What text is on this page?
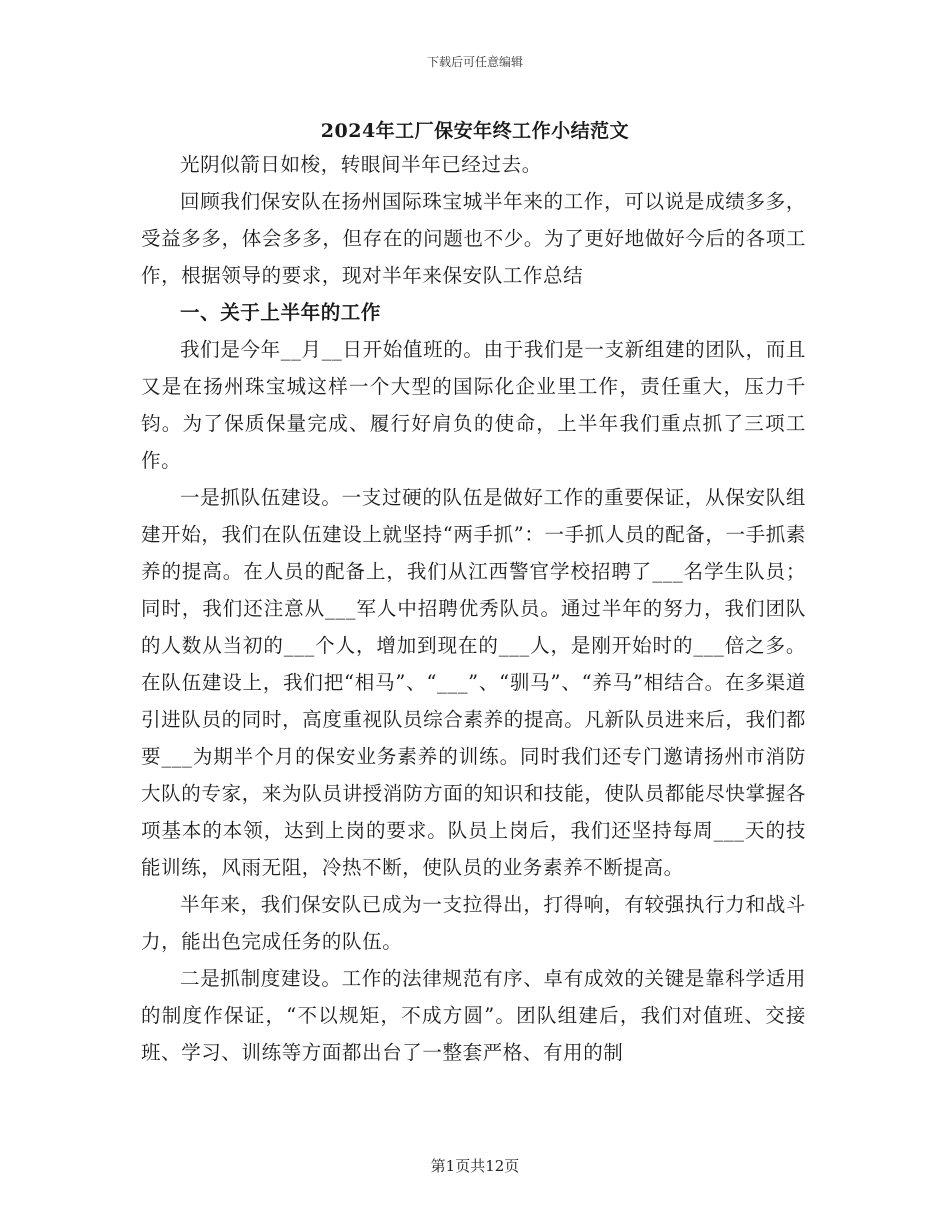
下载后可任意编辑
2024年工厂保安年终工作小结范文

光阴似箭日如梭，转眼间半年已经过去。

回顾我们保安队在扬州国际珠宝城半年来的工作，可以说是成绩多多，受益多多，体会多多，但存在的问题也不少。为了更好地做好今后的各项工作，根据领导的要求，现对半年来保安队工作总结

一、关于上半年的工作

我们是今年__月__日开始值班的。由于我们是一支新组建的团队，而且又是在扬州珠宝城这样一个大型的国际化企业里工作，责任重大，压力千钧。为了保质保量完成、履行好肩负的使命，上半年我们重点抓了三项工作。

一是抓队伍建设。一支过硬的队伍是做好工作的重要保证，从保安队组建开始，我们在队伍建设上就坚持“两手抓”：一手抓人员的配备，一手抓素养的提高。在人员的配备上，我们从江西警官学校招聘了___名学生队员；同时，我们还注意从___军人中招聘优秀队员。通过半年的努力，我们团队的人数从当初的___个人，增加到现在的___人，是刚开始时的___倍之多。在队伍建设上，我们把“相马”、“___”、“驯马”、“养马”相结合。在多渠道引进队员的同时，高度重视队员综合素养的提高。凡新队员进来后，我们都要___为期半个月的保安业务素养的训练。同时我们还专门邀请扬州市消防大队的专家，来为队员讲授消防方面的知识和技能，使队员都能尽快掌握各项基本的本领，达到上岗的要求。队员上岗后，我们还坚持每周___天的技能训练，风雨无阻，冷热不断，使队员的业务素养不断提高。

半年来，我们保安队已成为一支拉得出，打得响，有较强执行力和战斗力，能出色完成任务的队伍。

二是抓制度建设。工作的法律规范有序、卓有成效的关键是靠科学适用的制度作保证，“不以规矩，不成方圆”。团队组建后，我们对值班、交接班、学习、训练等方面都出台了一整套严格、有用的制

第1页共12页
